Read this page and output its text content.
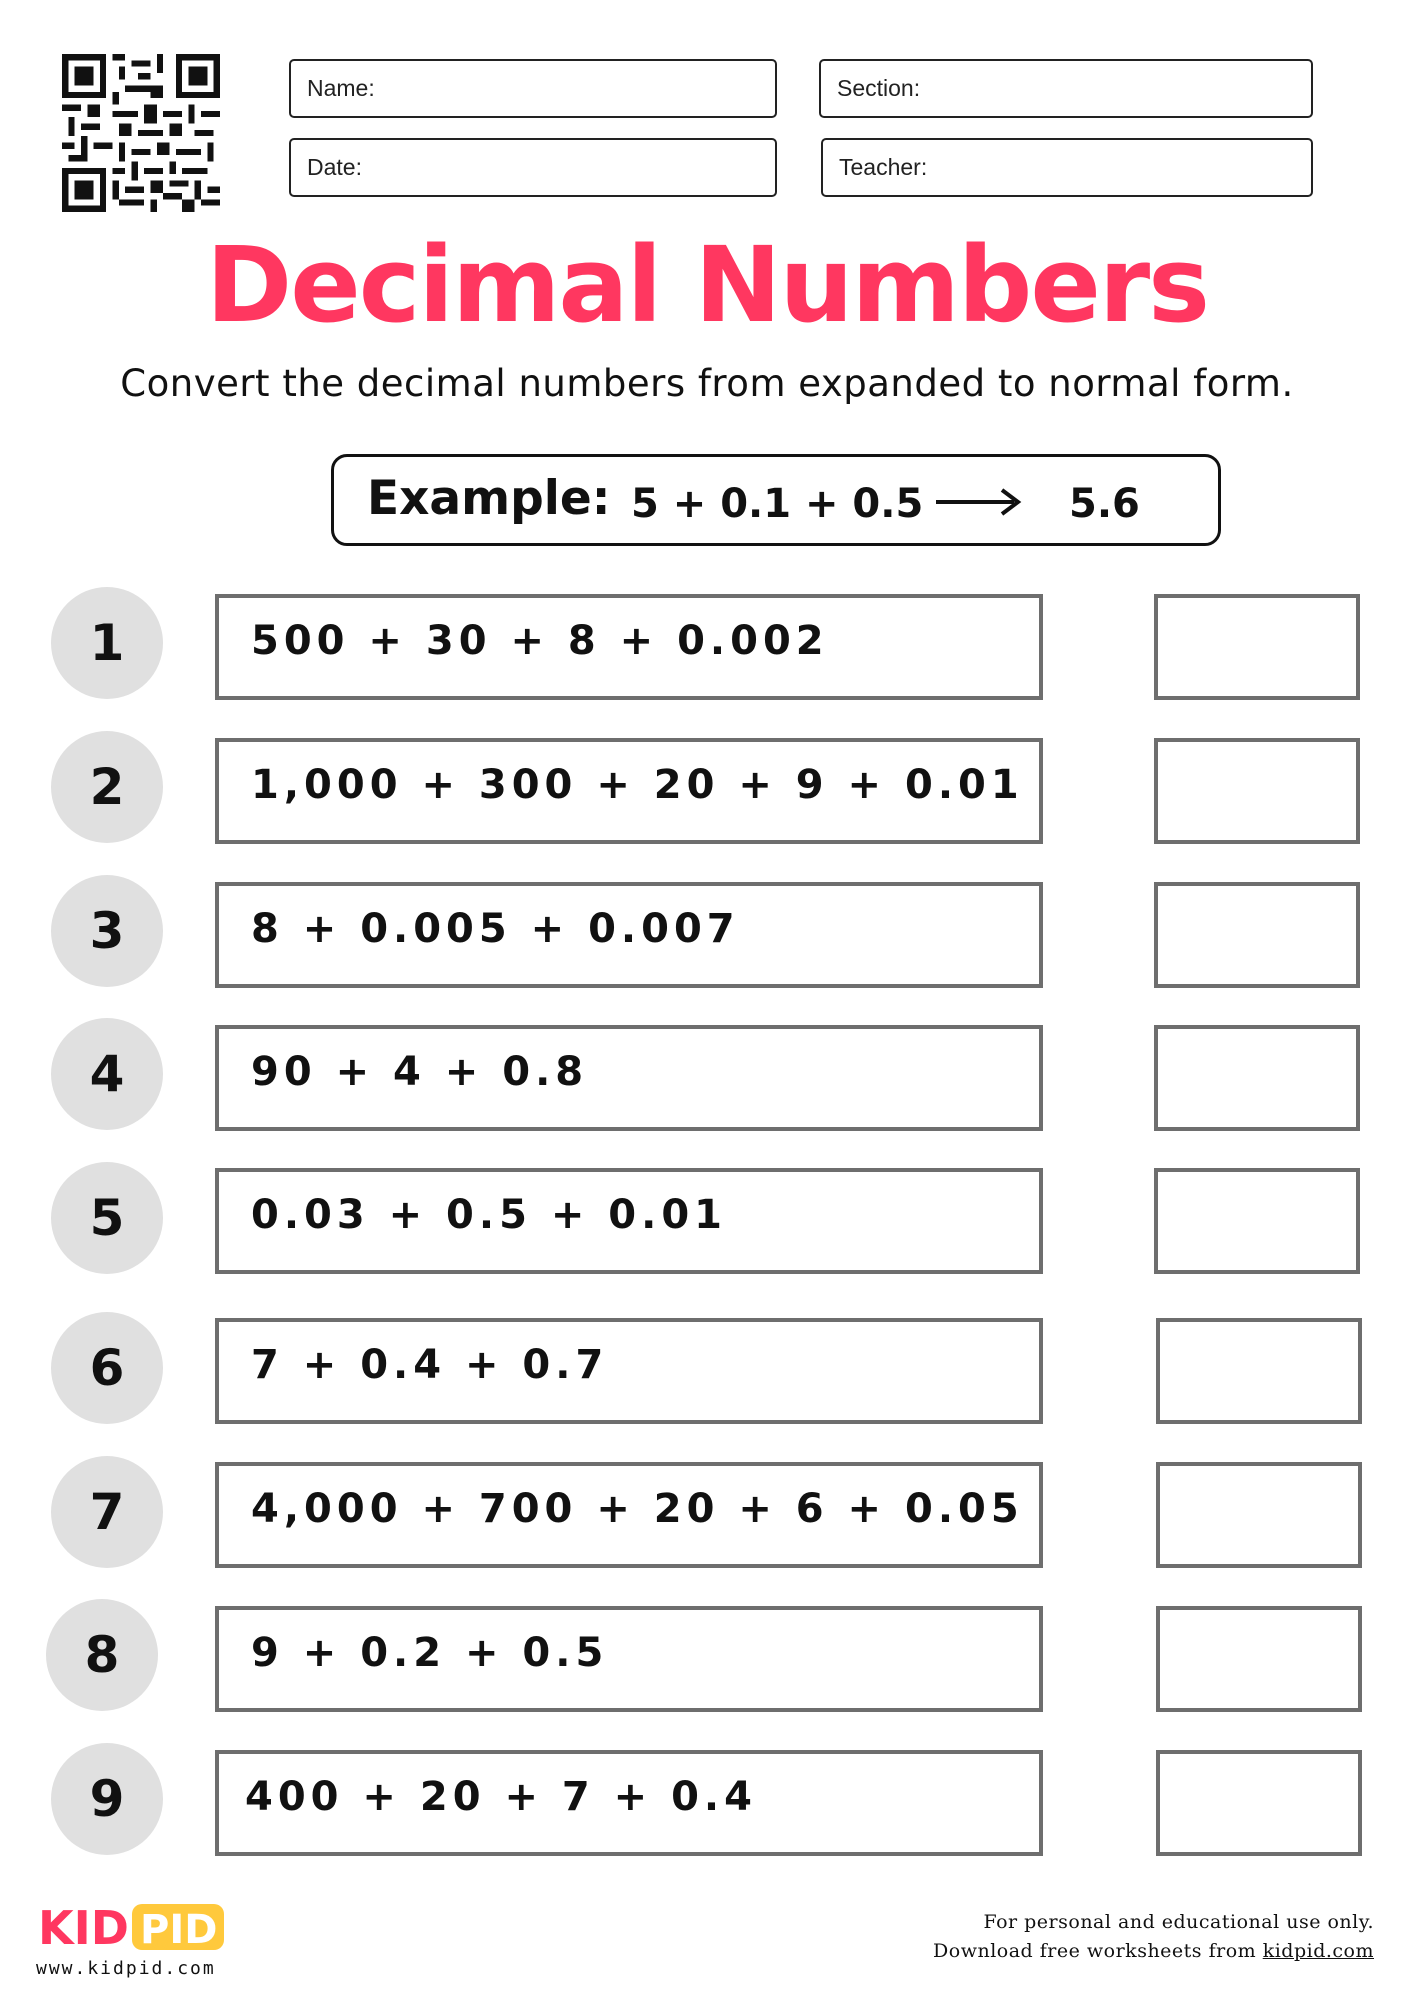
Name:	Section:
Date:	Teacher:
Decimal Numbers
Convert the decimal numbers from expanded to normal form.
Example: 5 + 0.1 + 0.5	5.6
1	500 + 30 + 8 + 0.002
2	1,000 + 300 + 20 + 9 + 0.01
3	8 + 0.005 + 0.007
4	90 + 4 + 0.8
5	0.03 + 0.5 + 0.01
6	7 + 0.4 + 0.7
7	4,000 + 700 + 20 + 6 + 0.05
8	9 + 0.2 + 0.5
9	400 + 20 + 7 + 0.4
KID PID
www.kidpid.com
For personal and educational use only.
Download free worksheets from kidpid.com
